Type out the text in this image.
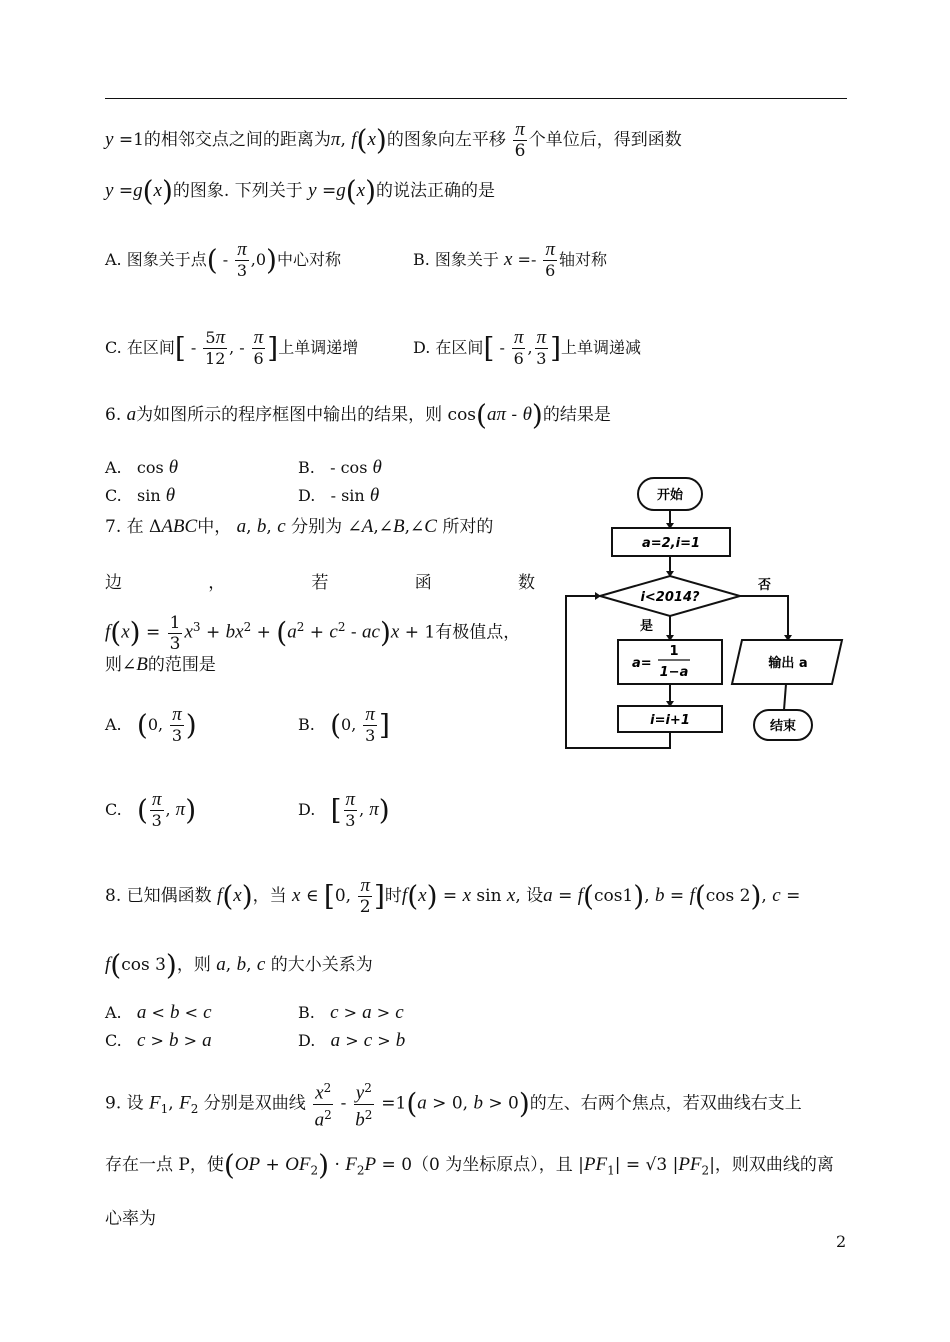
y =1的相邻交点之间的距离为π, f(x)的图象向左平移 $\frac{\pi}{6}$ 个单位后，得到函数
y =g(x)的图象. 下列关于 y =g(x)的说法正确的是
A. 图象关于点( - $\frac{\pi}{3} ,0$)中心对称	B. 图象关于 $x =- \frac{\pi}{6}$ 轴对称
C. 在区间[ - $\frac{5\pi}{12}$ , - $\frac{\pi}{6}$ ]上单调递增	D. 在区间[ - $\frac{\pi}{6}$ , $\frac{\pi}{3}$ ]上单调递减
6. a为如图所示的程序框图中输出的结果，则 cos(aπ - θ)的结果是
A.   cos θ	B.   - cos θ
C.   sin θ	D.   - sin θ
7. 在 ΔABC中， a, b, c 分别为 ∠A,∠B,∠C 所对的
边	，	若	函	数
$f(x) = \frac{1}{3} x^3 + bx^2 + (a^2 + c^2 - ac)x + 1$有极值点，
则∠B的范围是
A. (0, $\frac{\pi}{3}$ )	B. (0, $\frac{\pi}{3}$ ]
C. ( $\frac{\pi}{3}$ , π)	D. [ $\frac{\pi}{3}$ , π)
8. 已知偶函数 f(x)，当 x ∈ [0, $\frac{\pi}{2}$ ]时f(x) = x sin x, 设a = f(cos1), b = f(cos 2), c =
f(cos 3)，则 a, b, c 的大小关系为
A. a < b < c	B. c > a > c
C. c > b > a	D. a > c > b
9. 设 $F_1$, $F_2$ 分别是双曲线 $\frac{x^2}{a^2} - \frac{y^2}{b^2} =1(a > 0$, b > 0)的左、右两个焦点，若双曲线右支上
存在一点 P，使$(OP + OF_2) \cdot F_2P = 0(0$ 为坐标原点），且 $|PF_1| = √3$ $|PF_2|$，则双曲线的离
心率为
开始
a=2,i=1
i<2014?
否
是
a=
1
1−a
i=i+1
输出 a
结束
2
